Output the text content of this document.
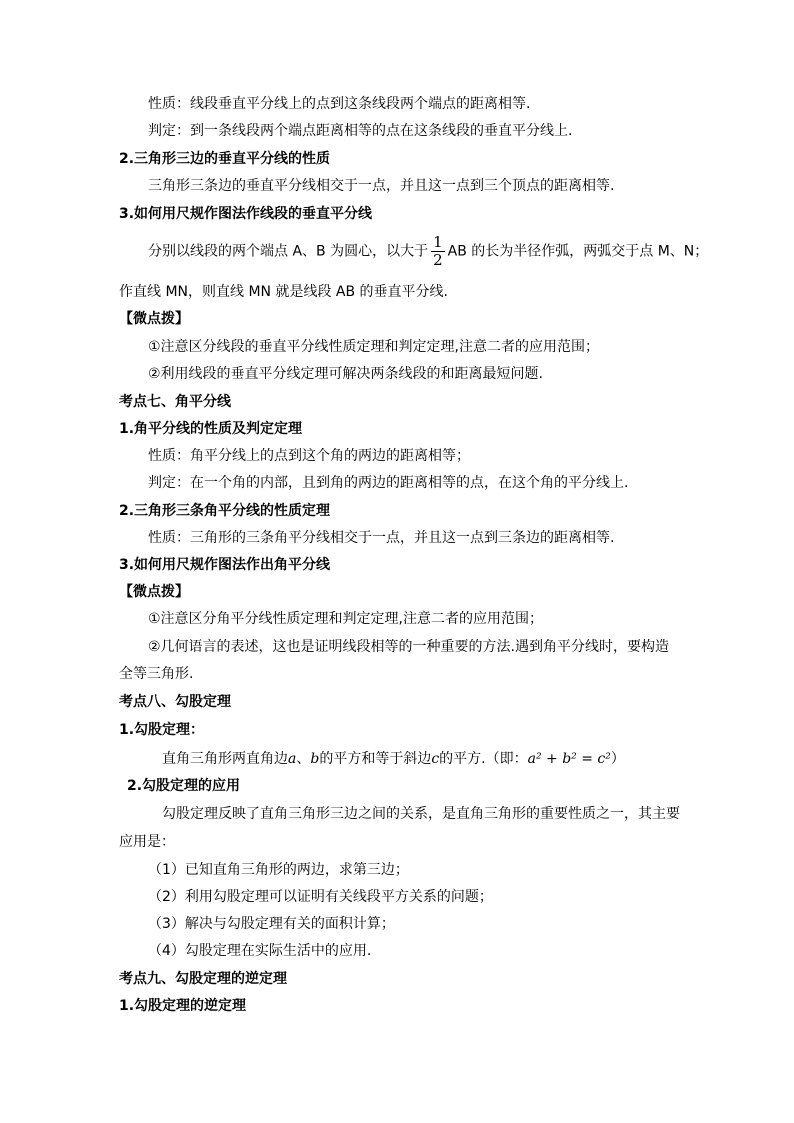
性质：线段垂直平分线上的点到这条线段两个端点的距离相等.
判定：到一条线段两个端点距离相等的点在这条线段的垂直平分线上.
2.三角形三边的垂直平分线的性质
三角形三条边的垂直平分线相交于一点，并且这一点到三个顶点的距离相等.
3.如何用尺规作图法作线段的垂直平分线
分别以线段的两个端点 A、B 为圆心，以大于 $\frac{1}{2}$ AB 的长为半径作弧，两弧交于点 M、N；
作直线 MN，则直线 MN 就是线段 AB 的垂直平分线.
【微点拨】
①注意区分线段的垂直平分线性质定理和判定定理,注意二者的应用范围；
②利用线段的垂直平分线定理可解决两条线段的和距离最短问题.
考点七、角平分线
1.角平分线的性质及判定定理
性质：角平分线上的点到这个角的两边的距离相等；
判定：在一个角的内部，且到角的两边的距离相等的点，在这个角的平分线上.
2.三角形三条角平分线的性质定理
性质：三角形的三条角平分线相交于一点，并且这一点到三条边的距离相等.
3.如何用尺规作图法作出角平分线
【微点拨】
①注意区分角平分线性质定理和判定定理,注意二者的应用范围；
②几何语言的表述，这也是证明线段相等的一种重要的方法.遇到角平分线时，要构造
全等三角形.
考点八、勾股定理
1.勾股定理：
直角三角形两直角边a、b的平方和等于斜边c的平方.（即：a² + b² = c²）
2.勾股定理的应用
勾股定理反映了直角三角形三边之间的关系，是直角三角形的重要性质之一，其主要
应用是：
（1）已知直角三角形的两边，求第三边；
（2）利用勾股定理可以证明有关线段平方关系的问题；
（3）解决与勾股定理有关的面积计算；
（4）勾股定理在实际生活中的应用.
考点九、勾股定理的逆定理
1.勾股定理的逆定理
